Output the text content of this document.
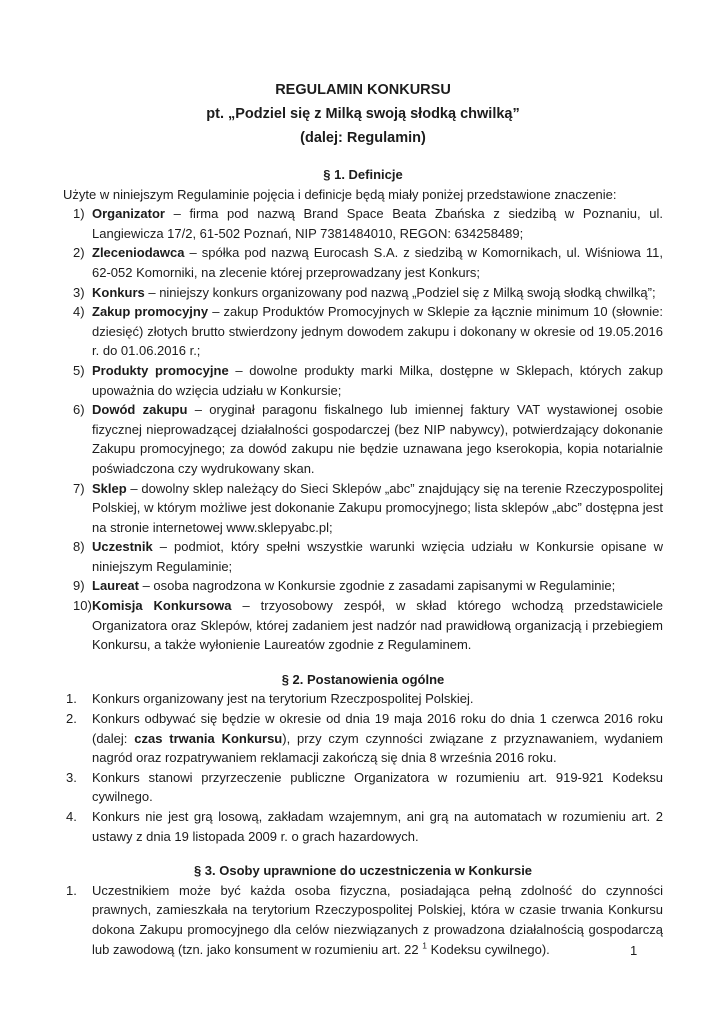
REGULAMIN KONKURSU
pt. „Podziel się z Milką swoją słodką chwilką”
(dalej: Regulamin)
§ 1. Definicje

Użyte w niniejszym Regulaminie pojęcia i definicje będą miały poniżej przedstawione znaczenie:

1) Organizator – firma pod nazwą Brand Space Beata Zbańska z siedzibą w Poznaniu, ul. Langiewicza 17/2, 61-502 Poznań, NIP 7381484010, REGON: 634258489;

2) Zleceniodawca – spółka pod nazwą Eurocash S.A. z siedzibą w Komornikach, ul. Wiśniowa 11, 62-052 Komorniki, na zlecenie której przeprowadzany jest Konkurs;

3) Konkurs – niniejszy konkurs organizowany pod nazwą „Podziel się z Milką swoją słodką chwilką”;

4) Zakup promocyjny – zakup Produktów Promocyjnych w Sklepie za łącznie minimum 10 (słownie: dziesięć) złotych brutto stwierdzony jednym dowodem zakupu i dokonany w okresie od 19.05.2016 r. do 01.06.2016 r.;

5) Produkty promocyjne – dowolne produkty marki Milka, dostępne w Sklepach, których zakup upoważnia do wzięcia udziału w Konkursie;

6) Dowód zakupu – oryginał paragonu fiskalnego lub imiennej faktury VAT wystawionej osobie fizycznej nieprowadzącej działalności gospodarczej (bez NIP nabywcy), potwierdzający dokonanie Zakupu promocyjnego; za dowód zakupu nie będzie uznawana jego kserokopia, kopia notarialnie poświadczona czy wydrukowany skan.

7) Sklep – dowolny sklep należący do Sieci Sklepów „abc” znajdujący się na terenie Rzeczypospolitej Polskiej, w którym możliwe jest dokonanie Zakupu promocyjnego; lista sklepów „abc” dostępna jest na stronie internetowej www.sklepyabc.pl;

8) Uczestnik – podmiot, który spełni wszystkie warunki wzięcia udziału w Konkursie opisane w niniejszym Regulaminie;

9) Laureat – osoba nagrodzona w Konkursie zgodnie z zasadami zapisanymi w Regulaminie;

10) Komisja Konkursowa – trzyosobowy zespół, w skład którego wchodzą przedstawiciele Organizatora oraz Sklepów, której zadaniem jest nadzór nad prawidłową organizacją i przebiegiem Konkursu, a także wyłonienie Laureatów zgodnie z Regulaminem.

§ 2. Postanowienia ogólne

1. Konkurs organizowany jest na terytorium Rzeczpospolitej Polskiej.

2. Konkurs odbywać się będzie w okresie od dnia 19 maja 2016 roku do dnia 1 czerwca 2016 roku (dalej: czas trwania Konkursu), przy czym czynności związane z przyznawaniem, wydaniem nagród oraz rozpatrywaniem reklamacji zakończą się dnia 8 września 2016 roku.

3. Konkurs stanowi przyrzeczenie publiczne Organizatora w rozumieniu art. 919-921 Kodeksu cywilnego.

4. Konkurs nie jest grą losową, zakładam wzajemnym, ani grą na automatach w rozumieniu art. 2 ustawy z dnia 19 listopada 2009 r. o grach hazardowych.

§ 3. Osoby uprawnione do uczestniczenia w Konkursie

1. Uczestnikiem może być każda osoba fizyczna, posiadająca pełną zdolność do czynności prawnych, zamieszkała na terytorium Rzeczypospolitej Polskiej, która w czasie trwania Konkursu dokona Zakupu promocyjnego dla celów niezwiązanych z prowadzona działalnością gospodarczą lub zawodową (tzn. jako konsument w rozumieniu art. 22 $^1$ Kodeksu cywilnego).	1
